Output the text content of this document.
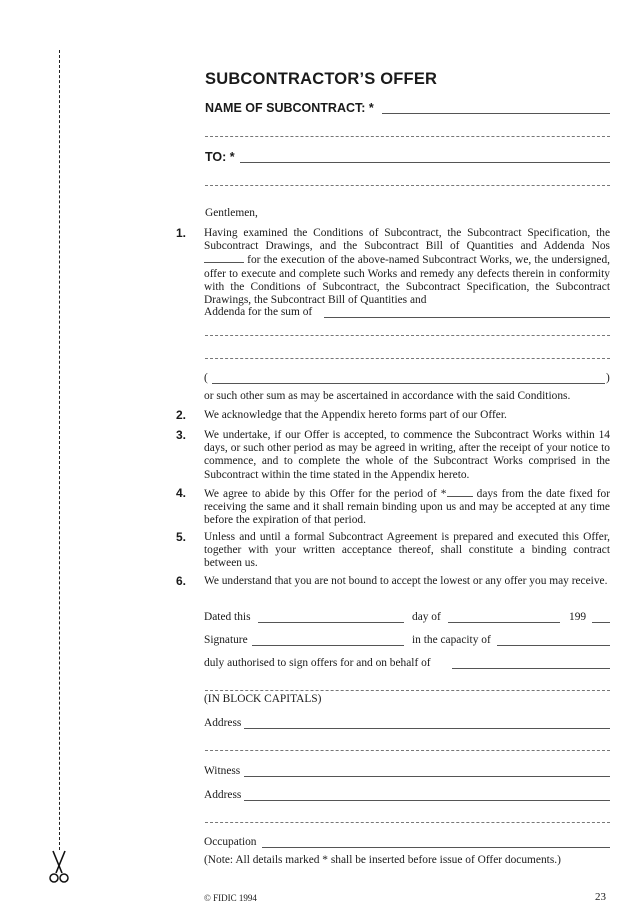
SUBCONTRACTOR’S OFFER
NAME OF SUBCONTRACT: *
TO: *
Gentlemen,
1. Having examined the Conditions of Subcontract, the Subcontract Specification, the Subcontract Drawings, and the Subcontract Bill of Quantities and Addenda Nos  for the execution of the above-named Subcontract Works, we, the undersigned, offer to execute and complete such Works and remedy any defects therein in conformity with the Conditions of Subcontract, the Subcontract Specification, the Subcontract Drawings, the Subcontract Bill of Quantities and
Addenda for the sum of
(	)
or such other sum as may be ascertained in accordance with the said Conditions.
2. We acknowledge that the Appendix hereto forms part of our Offer.
3. We undertake, if our Offer is accepted, to commence the Subcontract Works within 14 days, or such other period as may be agreed in writing, after the receipt of your notice to commence, and to complete the whole of the Subcontract Works comprised in the Subcontract within the time stated in the Appendix hereto.
4. We agree to abide by this Offer for the period of *	days from the date fixed for receiving the same and it shall remain binding upon us and may be accepted at any time before the expiration of that period.
5. Unless and until a formal Subcontract Agreement is prepared and executed this Offer, together with your written acceptance thereof, shall constitute a binding contract between us.
6. We understand that you are not bound to accept the lowest or any offer you may receive.
Dated this	day of	199
Signature	in the capacity of
duly authorised to sign offers for and on behalf of
(IN BLOCK CAPITALS)
Address
Witness
Address
Occupation
(Note: All details marked * shall be inserted before issue of Offer documents.)
© FIDIC 1994	23
